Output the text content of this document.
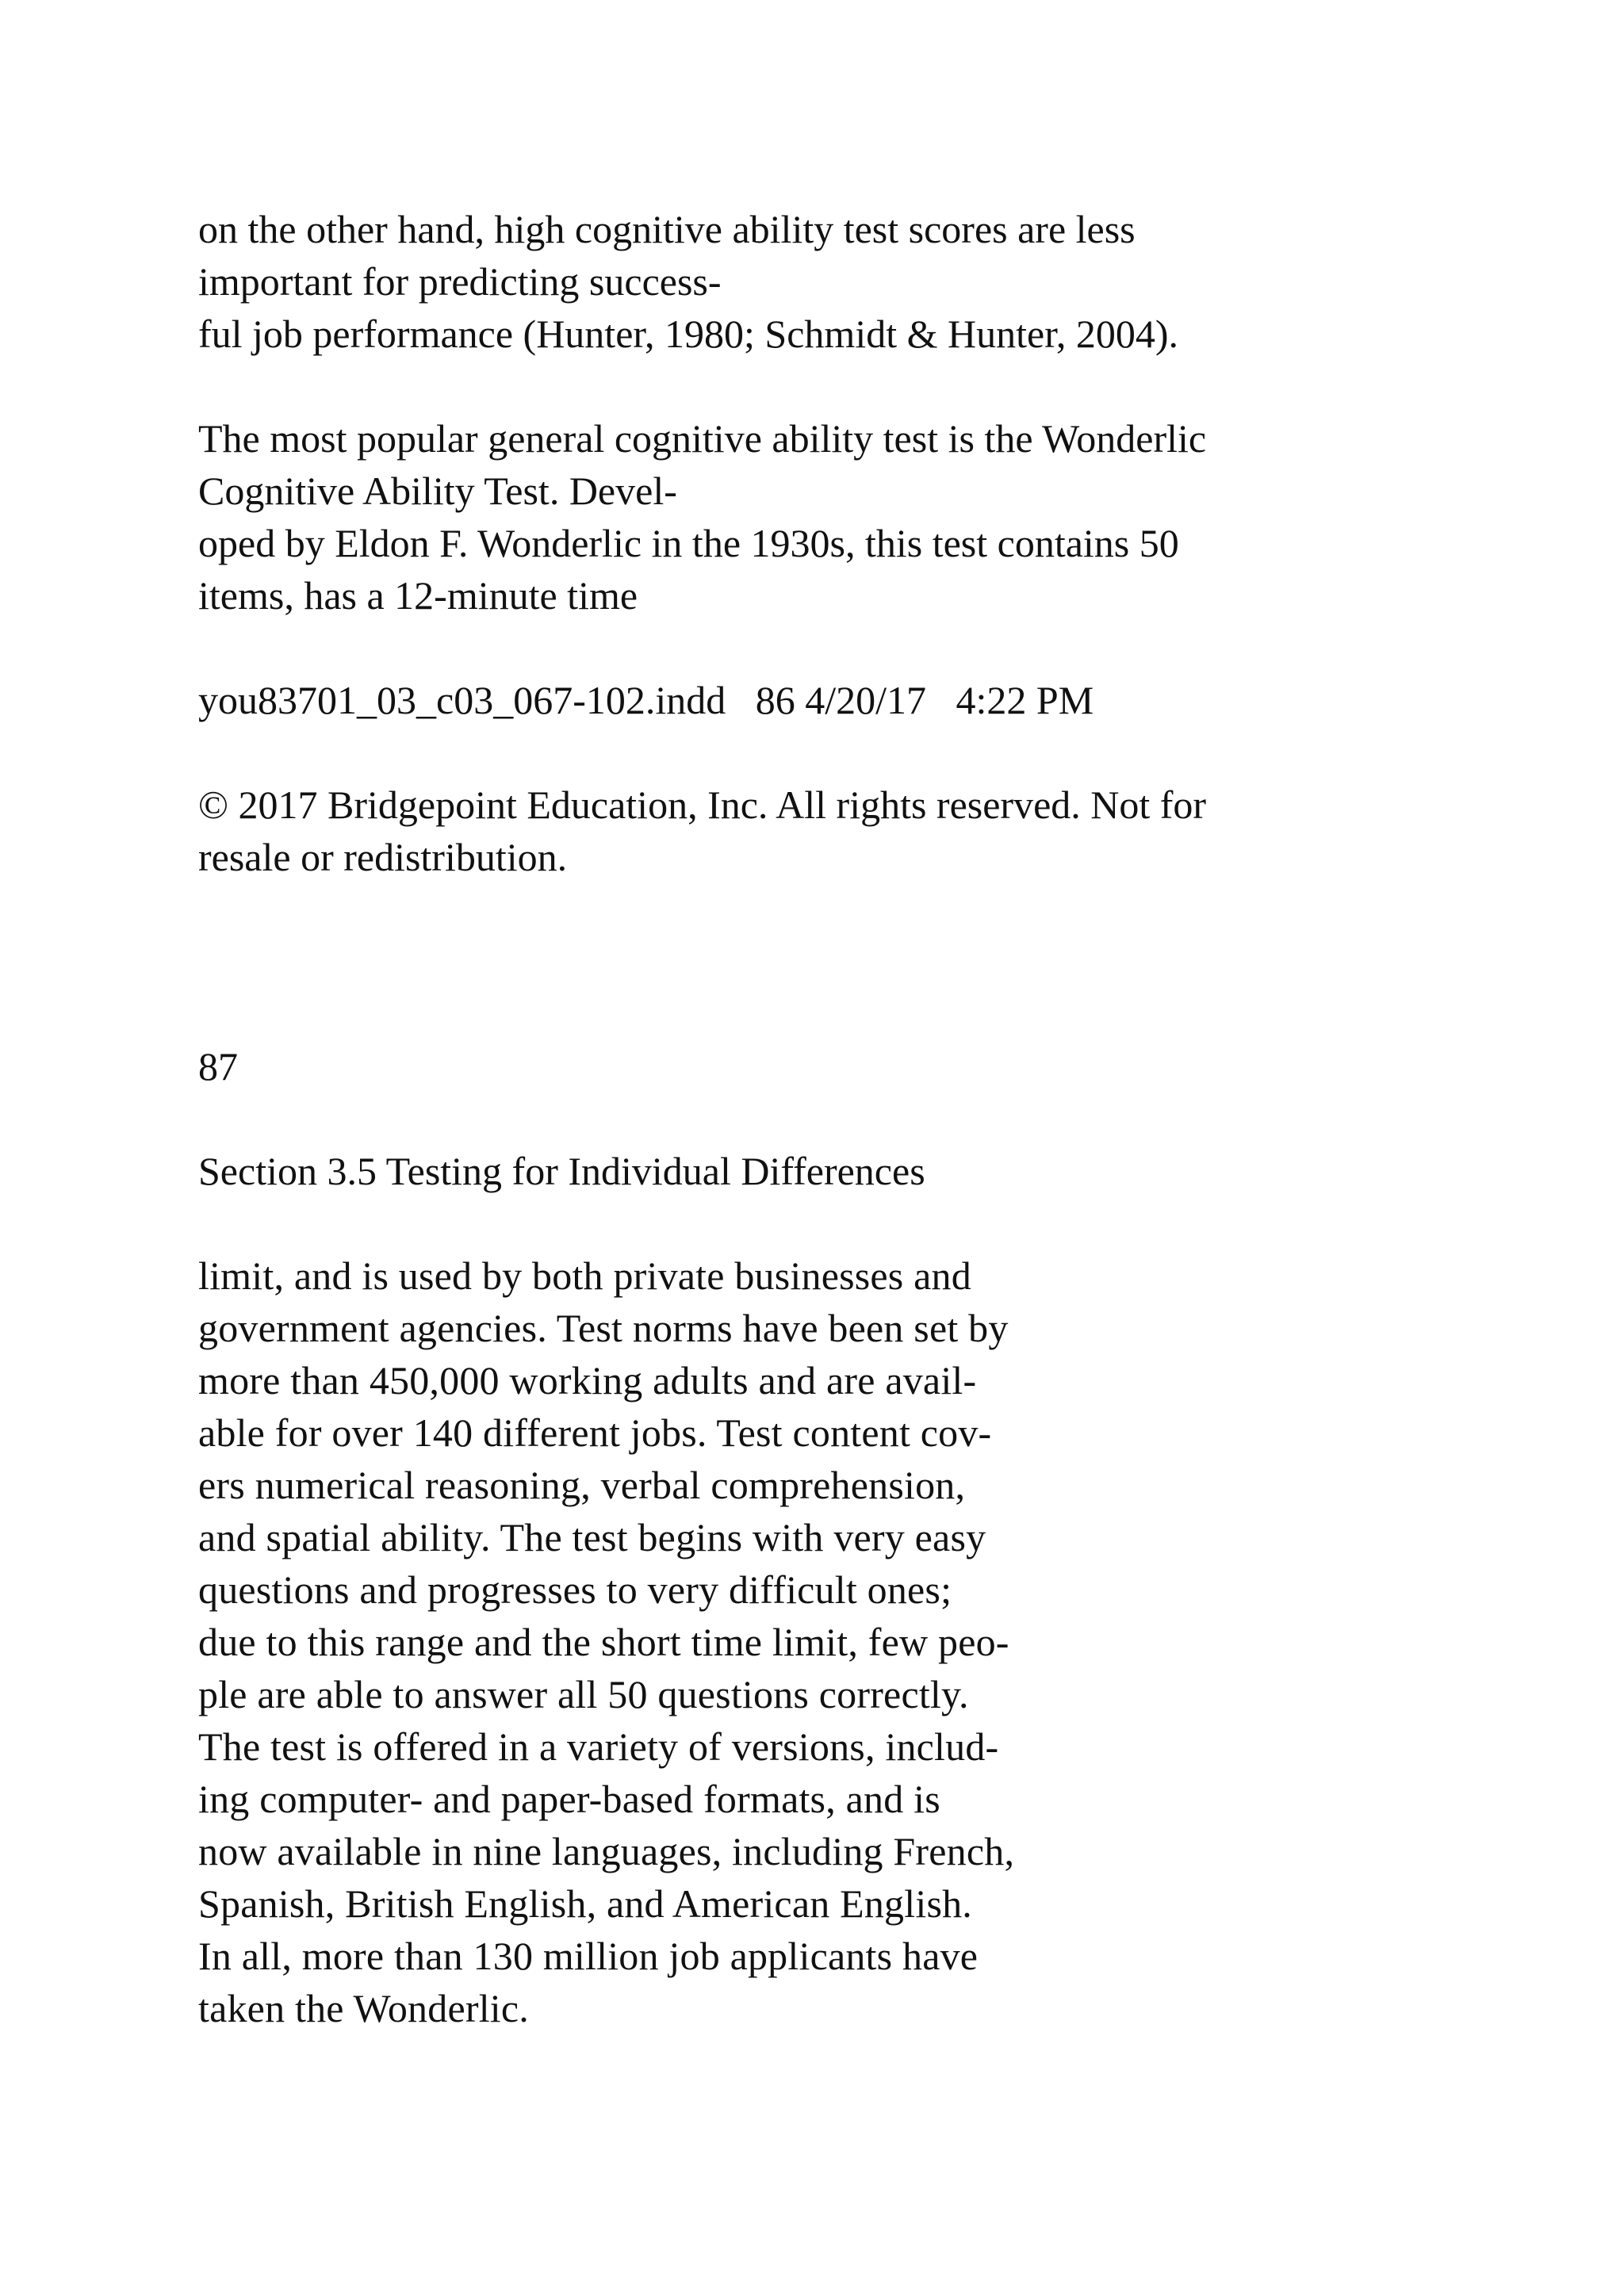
on the other hand, high cognitive ability test scores are less

important for predicting success-

ful job performance (Hunter, 1980; Schmidt & Hunter, 2004).

The most popular general cognitive ability test is the Wonderlic

Cognitive Ability Test. Devel-

oped by Eldon F. Wonderlic in the 1930s, this test contains 50

items, has a 12-minute time

you83701_03_c03_067-102.indd   86 4/20/17   4:22 PM

© 2017 Bridgepoint Education, Inc. All rights reserved. Not for

resale or redistribution.

87

Section 3.5 Testing for Individual Differences

limit, and is used by both private businesses and

government agencies. Test norms have been set by

more than 450,000 working adults and are avail-

able for over 140 different jobs. Test content cov-

ers numerical reasoning, verbal comprehension,

and spatial ability. The test begins with very easy

questions and progresses to very difficult ones;

due to this range and the short time limit, few peo-

ple are able to answer all 50 questions correctly.

The test is offered in a variety of versions, includ-

ing computer- and paper-based formats, and is

now available in nine languages, including French,

Spanish, British English, and American English.

In all, more than 130 million job applicants have

taken the Wonderlic.
